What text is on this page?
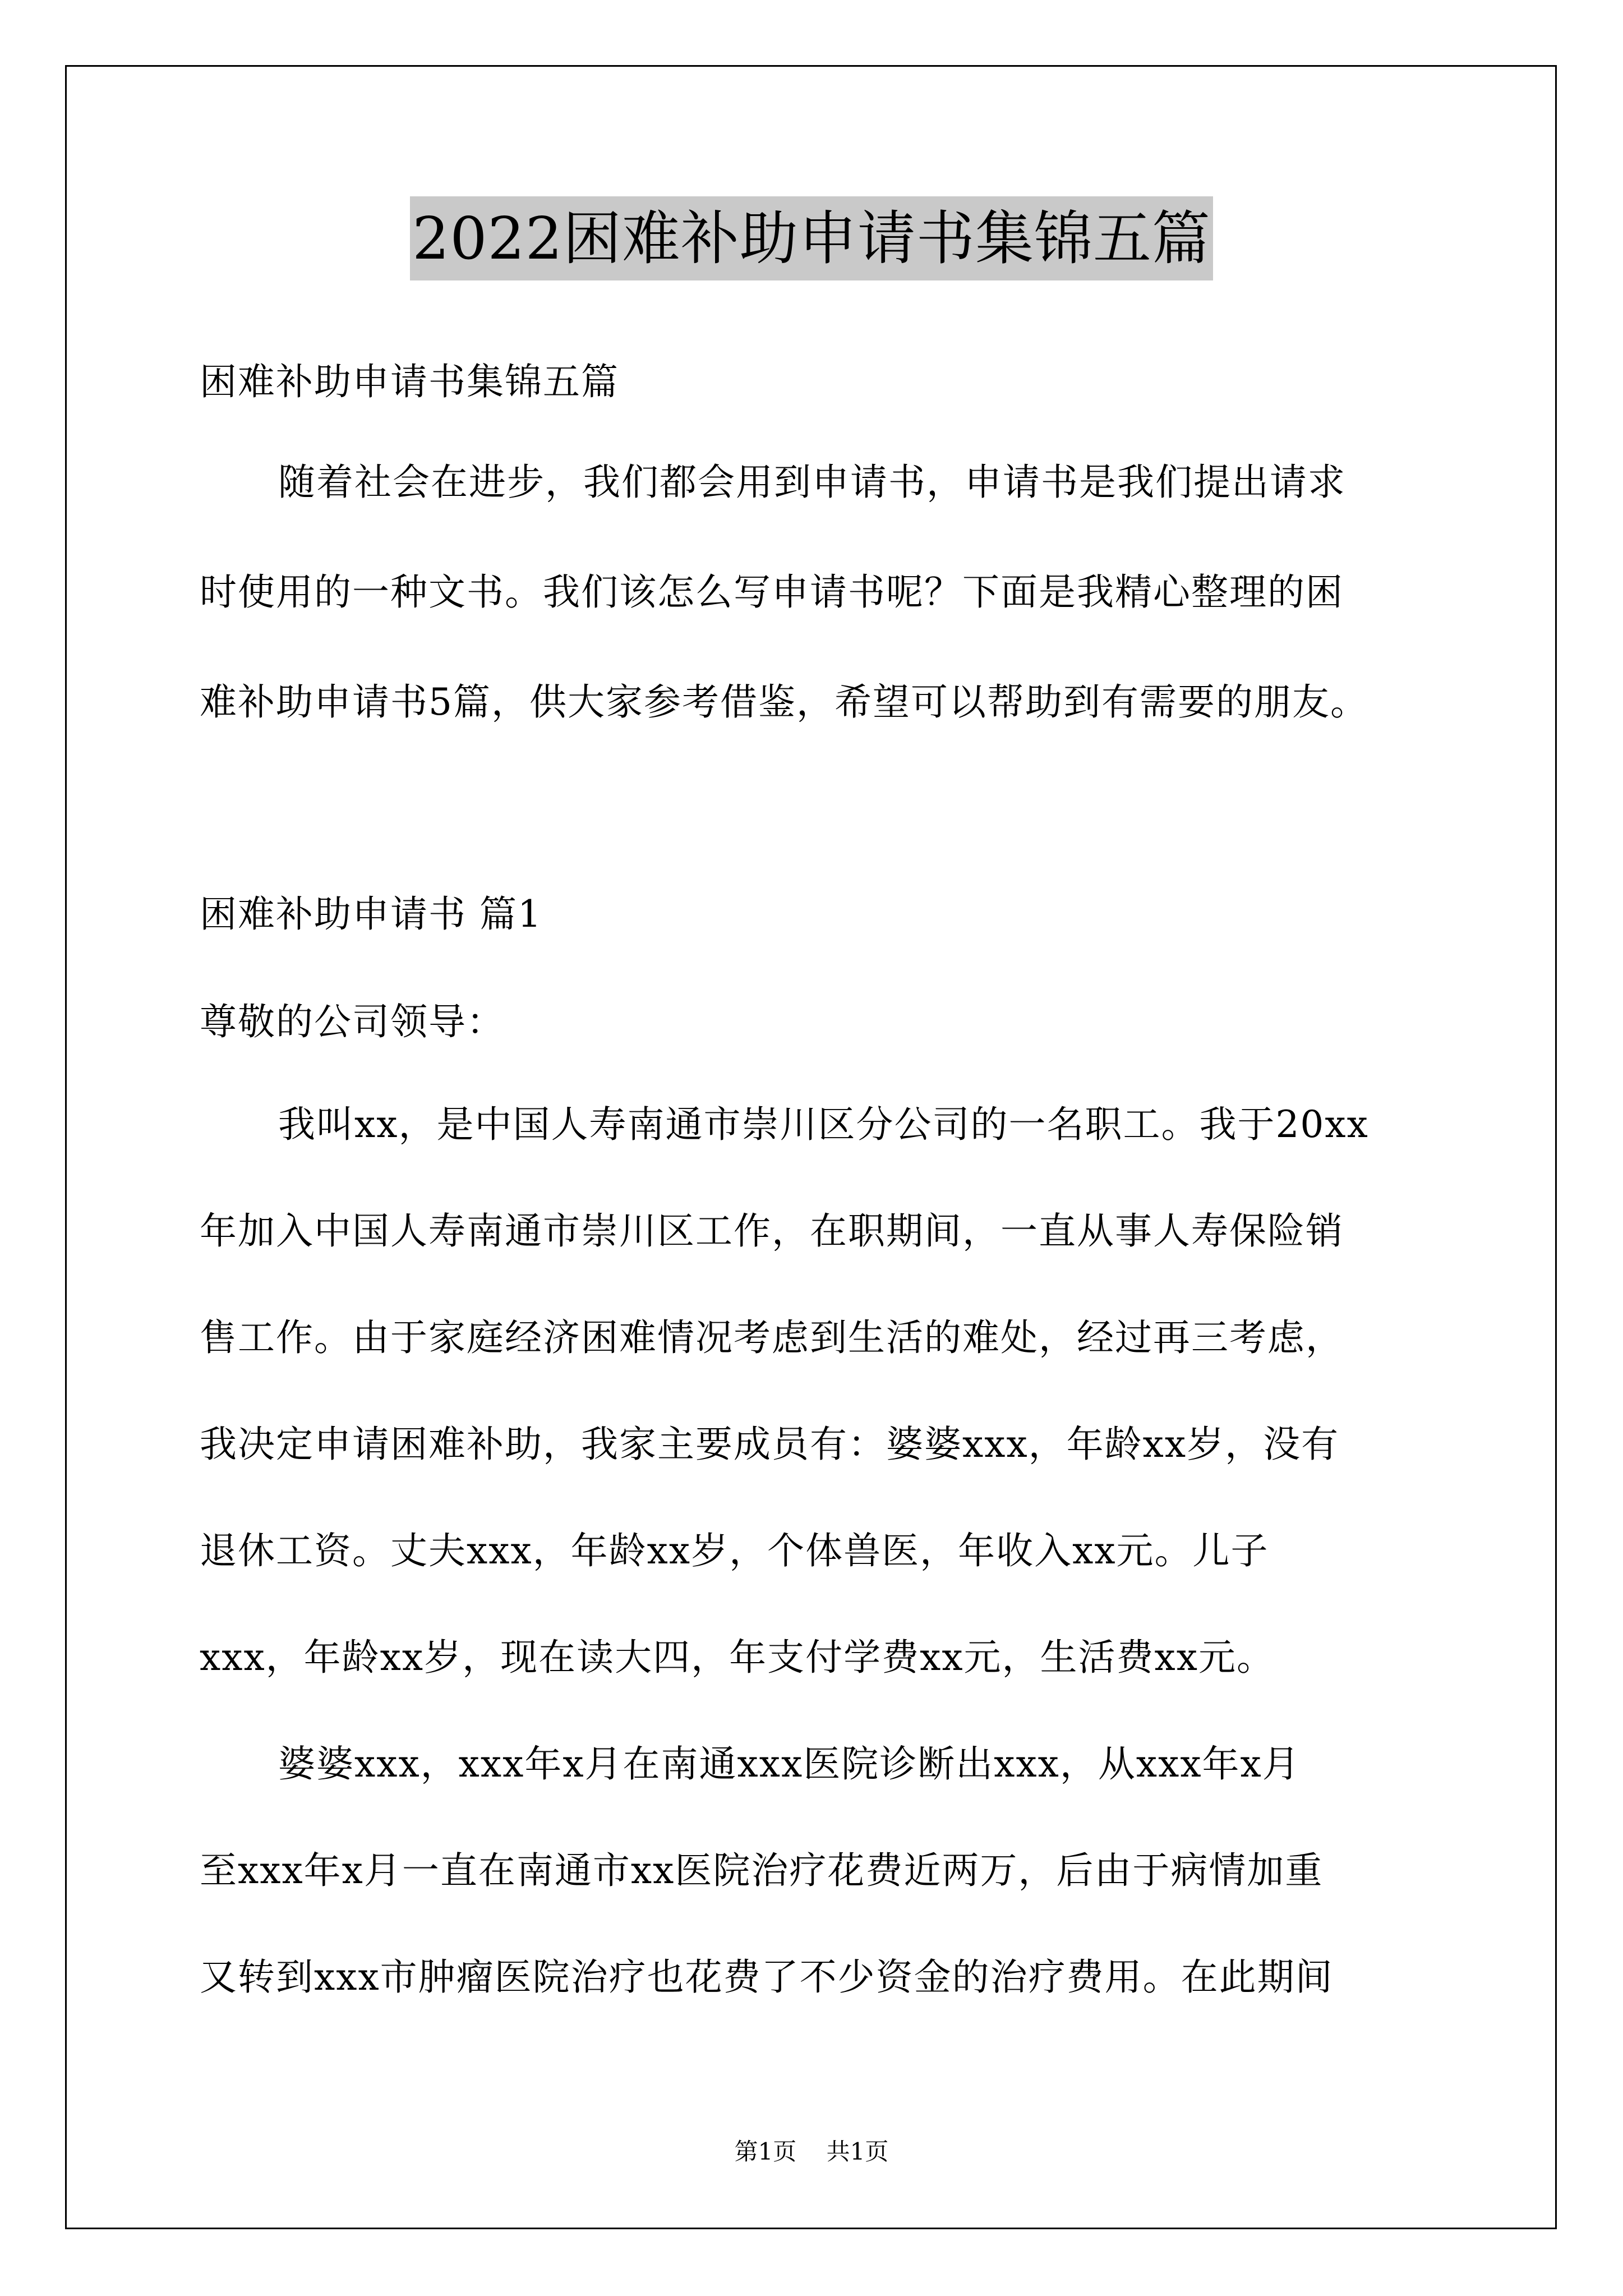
2022困难补助申请书集锦五篇
困难补助申请书集锦五篇
随着社会在进步，我们都会用到申请书，申请书是我们提出请求
时使用的一种文书。我们该怎么写申请书呢？下面是我精心整理的困
难补助申请书5篇，供大家参考借鉴，希望可以帮助到有需要的朋友。
困难补助申请书 篇1
尊敬的公司领导：
我叫xx，是中国人寿南通市崇川区分公司的一名职工。我于20xx
年加入中国人寿南通市崇川区工作，在职期间，一直从事人寿保险销
售工作。由于家庭经济困难情况考虑到生活的难处，经过再三考虑，
我决定申请困难补助，我家主要成员有：婆婆xxx，年龄xx岁，没有
退休工资。丈夫xxx，年龄xx岁，个体兽医，年收入xx元。儿子
xxx，年龄xx岁，现在读大四，年支付学费xx元，生活费xx元。
婆婆xxx，xxx年x月在南通xxx医院诊断出xxx，从xxx年x月
至xxx年x月一直在南通市xx医院治疗花费近两万，后由于病情加重
又转到xxx市肿瘤医院治疗也花费了不少资金的治疗费用。在此期间
第1页 共1页
